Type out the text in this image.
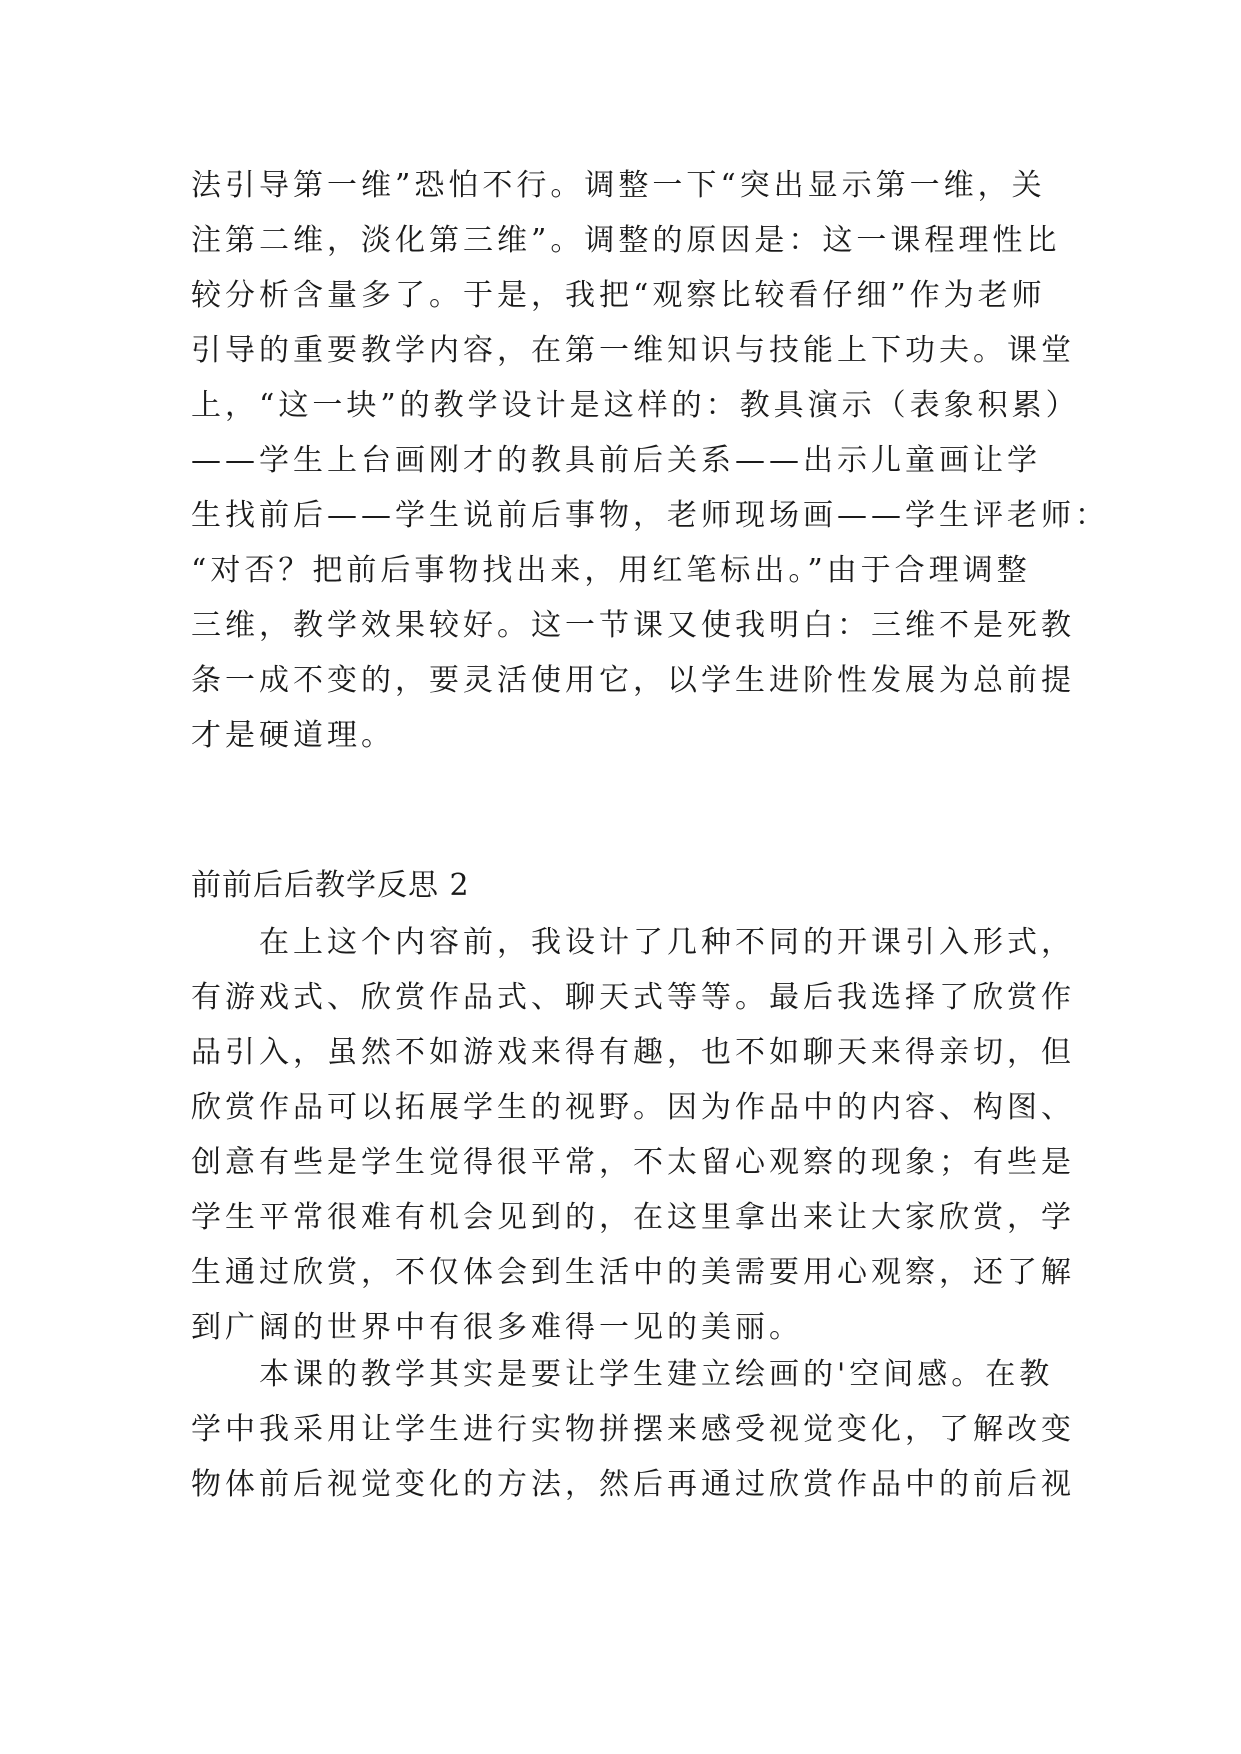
法引导第一维”恐怕不行。调整一下“突出显示第一维，关
注第二维，淡化第三维”。调整的原因是：这一课程理性比
较分析含量多了。于是，我把“观察比较看仔细”作为老师
引导的重要教学内容，在第一维知识与技能上下功夫。课堂
上，“这一块”的教学设计是这样的：教具演示（表象积累）
——学生上台画刚才的教具前后关系——出示儿童画让学
生找前后——学生说前后事物，老师现场画——学生评老师：
“对否？把前后事物找出来，用红笔标出。”由于合理调整
三维，教学效果较好。这一节课又使我明白：三维不是死教
条一成不变的，要灵活使用它，以学生进阶性发展为总前提
才是硬道理。
前前后后教学反思 2
在上这个内容前，我设计了几种不同的开课引入形式，
有游戏式、欣赏作品式、聊天式等等。最后我选择了欣赏作
品引入，虽然不如游戏来得有趣，也不如聊天来得亲切，但
欣赏作品可以拓展学生的视野。因为作品中的内容、构图、
创意有些是学生觉得很平常，不太留心观察的现象；有些是
学生平常很难有机会见到的，在这里拿出来让大家欣赏，学
生通过欣赏，不仅体会到生活中的美需要用心观察，还了解
到广阔的世界中有很多难得一见的美丽。
本课的教学其实是要让学生建立绘画的'空间感。在教
学中我采用让学生进行实物拼摆来感受视觉变化，了解改变
物体前后视觉变化的方法，然后再通过欣赏作品中的前后视
